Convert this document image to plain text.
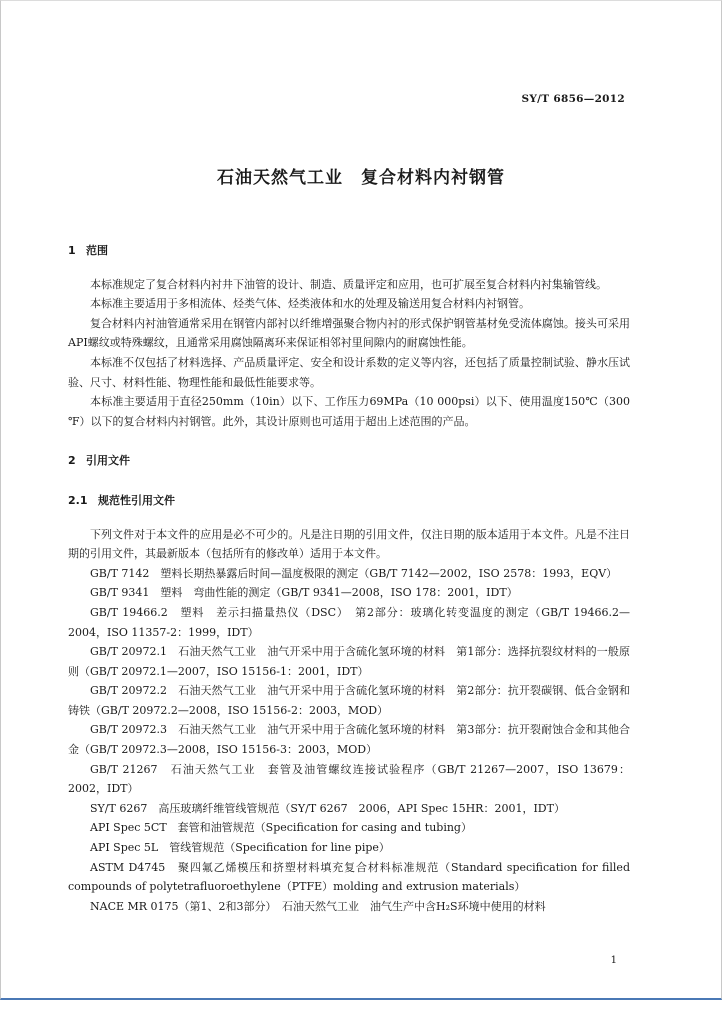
SY/T 6856—2012
石油天然气工业　复合材料内衬钢管
1 范围

本标准规定了复合材料内衬井下油管的设计、制造、质量评定和应用，也可扩展至复合材料内衬集输管线。

本标准主要适用于多相流体、烃类气体、烃类液体和水的处理及输送用复合材料内衬钢管。

复合材料内衬油管通常采用在钢管内部衬以纤维增强聚合物内衬的形式保护钢管基材免受流体腐蚀。接头可采用API螺纹或特殊螺纹，且通常采用腐蚀隔离环来保证相邻衬里间隙内的耐腐蚀性能。

本标准不仅包括了材料选择、产品质量评定、安全和设计系数的定义等内容，还包括了质量控制试验、静水压试验、尺寸、材料性能、物理性能和最低性能要求等。

本标准主要适用于直径250mm（10in）以下、工作压力69MPa（10 000psi）以下、使用温度150℃（300 ℉）以下的复合材料内衬钢管。此外，其设计原则也可适用于超出上述范围的产品。

2 引用文件
2.1 规范性引用文件

下列文件对于本文件的应用是必不可少的。凡是注日期的引用文件，仅注日期的版本适用于本文件。凡是不注日期的引用文件，其最新版本（包括所有的修改单）适用于本文件。

GB/T 7142　塑料长期热暴露后时间—温度极限的测定（GB/T 7142—2002，ISO 2578：1993，EQV）

GB/T 9341　塑料　弯曲性能的测定（GB/T 9341—2008，ISO 178：2001，IDT）

GB/T 19466.2　塑料　差示扫描量热仪（DSC）　第2部分：玻璃化转变温度的测定（GB/T 19466.2—2004，ISO 11357-2：1999，IDT）

GB/T 20972.1　石油天然气工业　油气开采中用于含硫化氢环境的材料　第1部分：选择抗裂纹材料的一般原则（GB/T 20972.1—2007，ISO 15156-1：2001，IDT）

GB/T 20972.2　石油天然气工业　油气开采中用于含硫化氢环境的材料　第2部分：抗开裂碳钢、低合金钢和铸铁（GB/T 20972.2—2008，ISO 15156-2：2003，MOD）

GB/T 20972.3　石油天然气工业　油气开采中用于含硫化氢环境的材料　第3部分：抗开裂耐蚀合金和其他合金（GB/T 20972.3—2008，ISO 15156-3：2003，MOD）

GB/T 21267　石油天然气工业　套管及油管螺纹连接试验程序（GB/T 21267—2007，ISO 13679：2002，IDT）

SY/T 6267　高压玻璃纤维管线管规范（SY/T 6267　2006，API Spec 15HR：2001，IDT）

API Spec 5CT　套管和油管规范（Specification for casing and tubing）

API Spec 5L　管线管规范（Specification for line pipe）

ASTM D4745　聚四氟乙烯模压和挤塑材料填充复合材料标准规范（Standard specification for filled compounds of polytetrafluoroethylene（PTFE）molding and extrusion materials）

NACE MR 0175（第1、2和3部分）　石油天然气工业　油气生产中含H₂S环境中使用的材料

1
